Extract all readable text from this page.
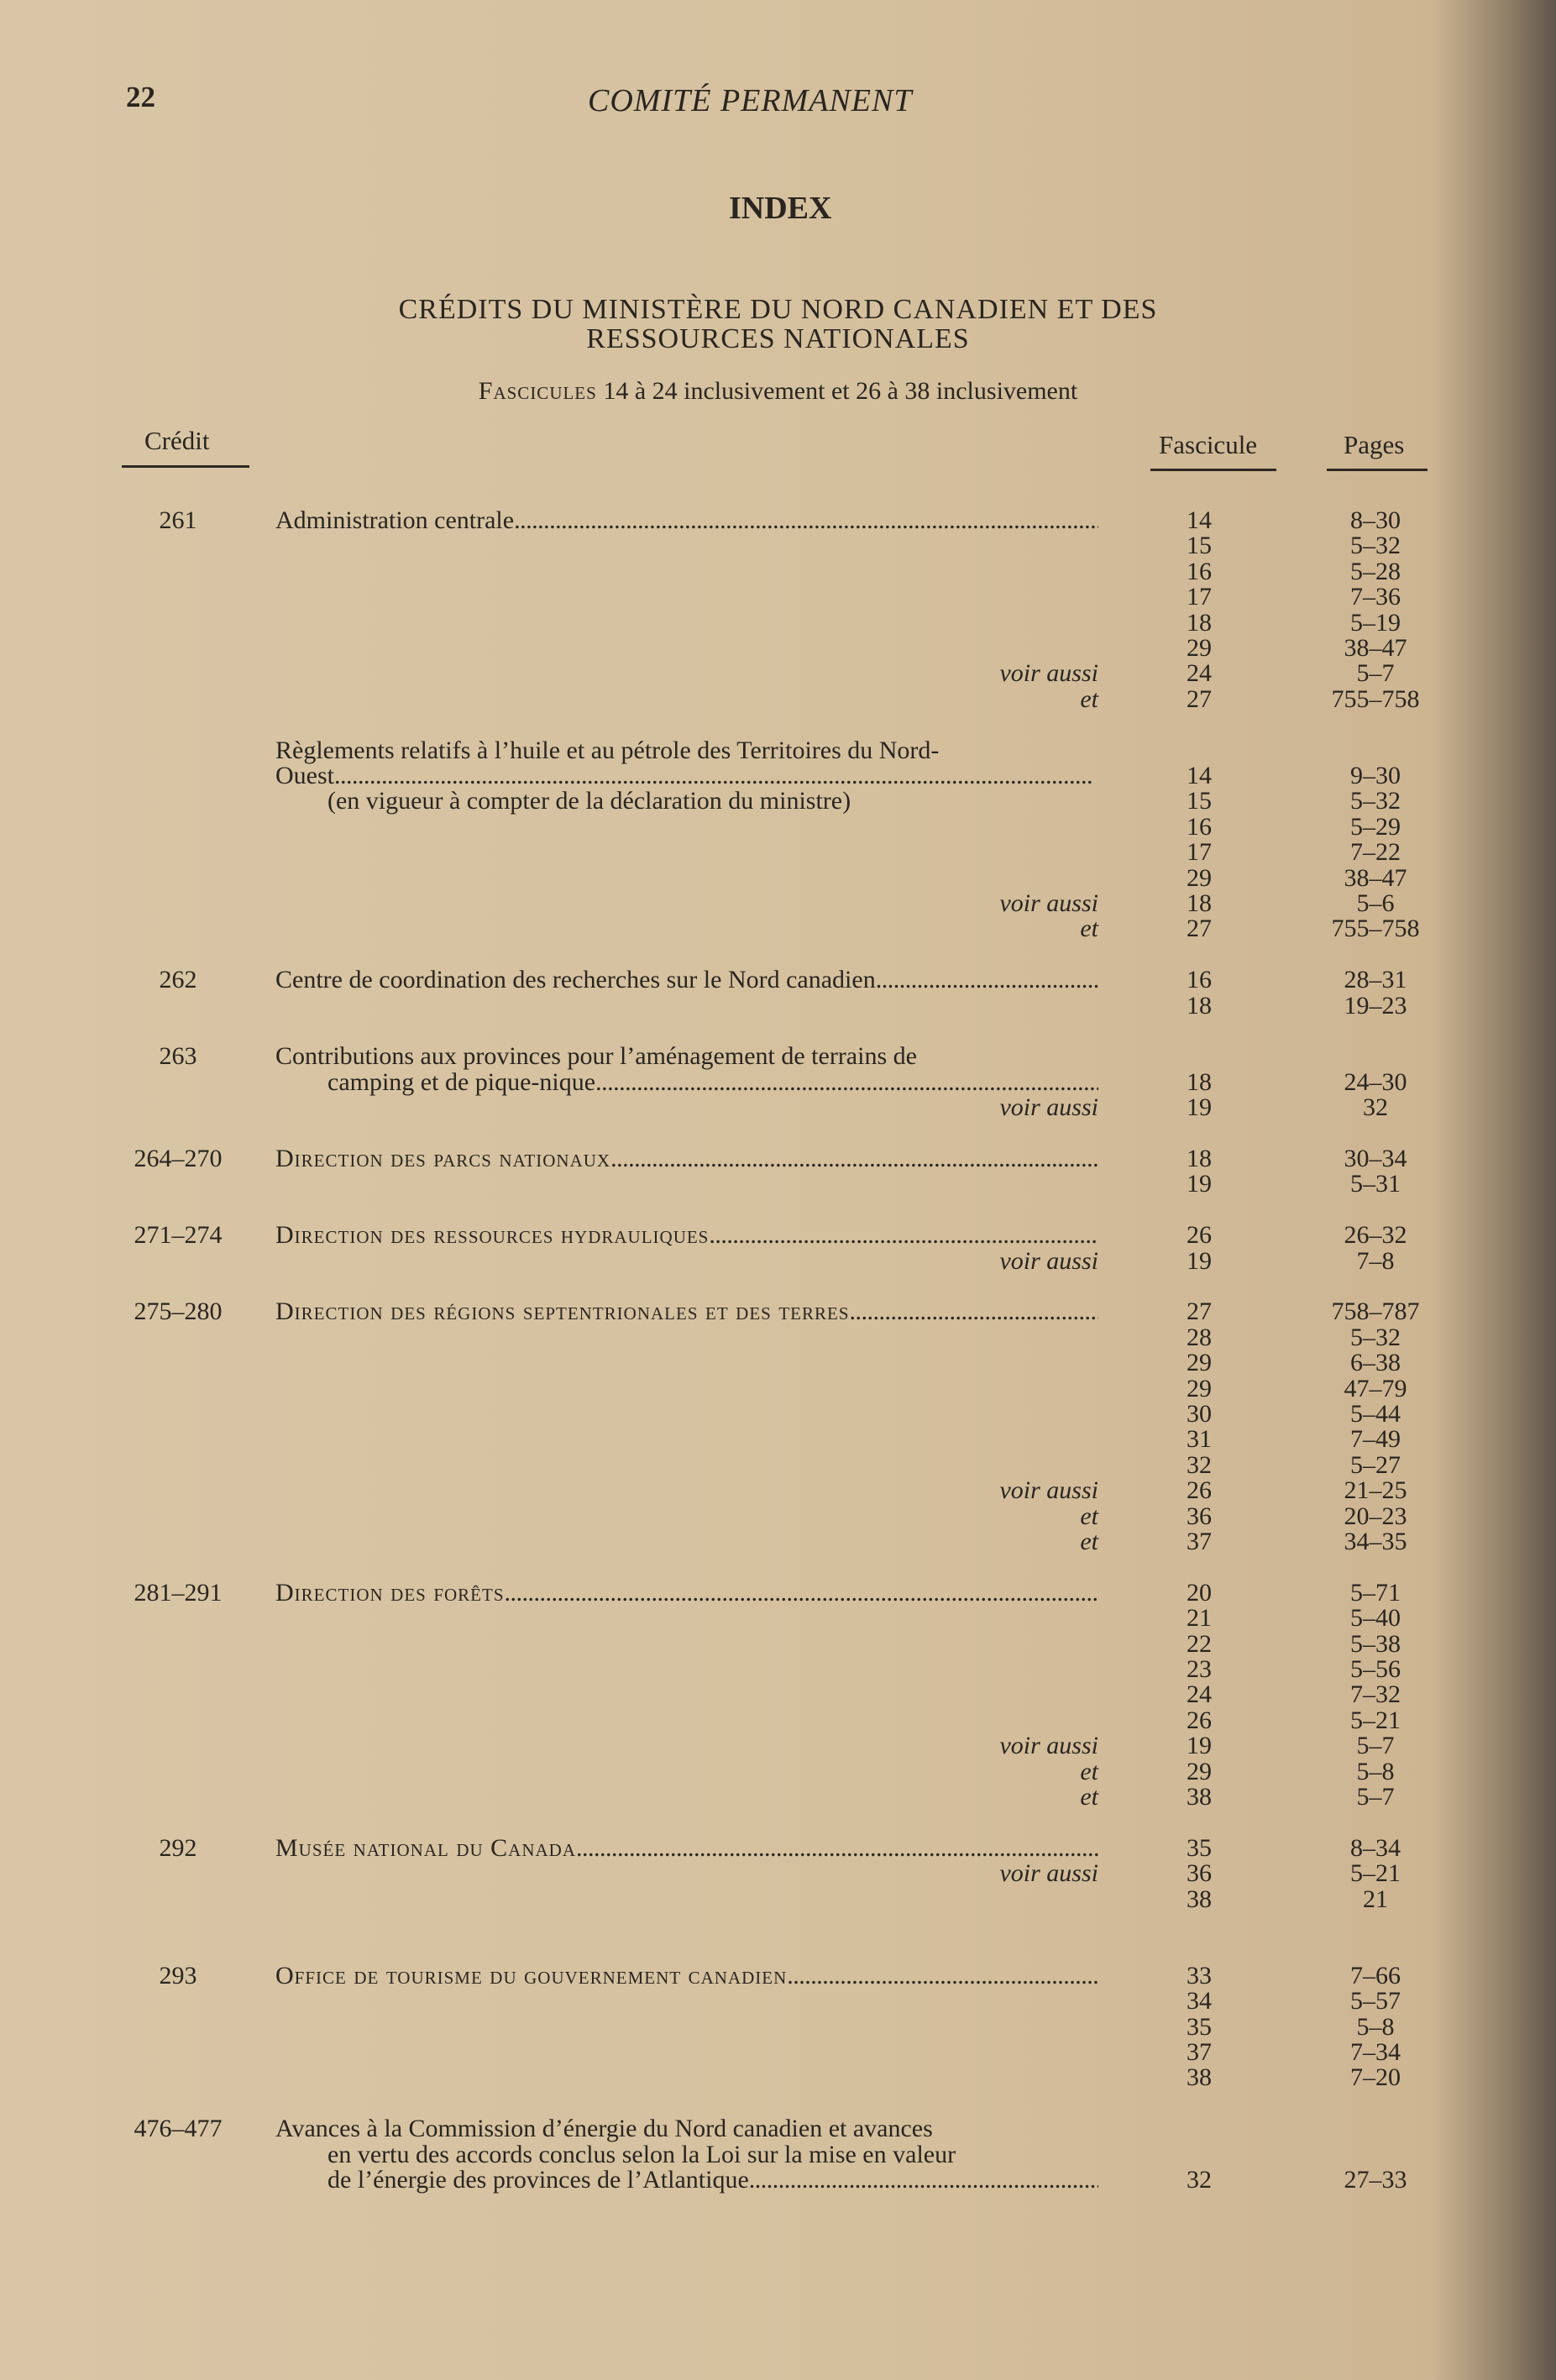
22	COMITÉ PERMANENT
INDEX
CRÉDITS DU MINISTÈRE DU NORD CANADIEN ET DES
RESSOURCES NATIONALES
Fascicules 14 à 24 inclusivement et 26 à 38 inclusivement
Crédit	Fascicule	Pages
261	Administration centrale . . .	14	8–30
15	5–32
16	5–28
17	7–36
18	5–19
29	38–47
voir aussi	24	5–7
et	27	755–758
Règlements relatifs à l’huile et au pétrole des Territoires du Nord-
Ouest . . .	14	9–30
(en vigueur à compter de la déclaration du ministre)	15	5–32
16	5–29
17	7–22
29	38–47
voir aussi	18	5–6
et	27	755–758
262	Centre de coordination des recherches sur le Nord canadien . . .	16	28–31
18	19–23
263	Contributions aux provinces pour l’aménagement de terrains de
camping et de pique-nique . . .	18	24–30
voir aussi	19	32
264–270 Direction des parcs nationaux . . .	18	30–34
19	5–31
271–274 Direction des ressources hydrauliques . . .	26	26–32
voir aussi	19	7–8
275–280 Direction des régions septentrionales et des terres . . .	27	758–787
28	5–32
29	6–38
29	47–79
30	5–44
31	7–49
32	5–27
voir aussi	26	21–25
et	36	20–23
et	37	34–35
281–291 Direction des forêts . . .	20	5–71
21	5–40
22	5–38
23	5–56
24	7–32
26	5–21
voir aussi	19	5–7
et	29	5–8
et	38	5–7
292	Musée national du Canada . . .	35	8–34
voir aussi	36	5–21
38	21
293	Office de tourisme du gouvernement canadien . . .	33	7–66
34	5–57
35	5–8
37	7–34
38	7–20
476–477 Avances à la Commission d’énergie du Nord canadien et avances
en vertu des accords conclus selon la Loi sur la mise en valeur
de l’énergie des provinces de l’Atlantique . . .	32	27–33
